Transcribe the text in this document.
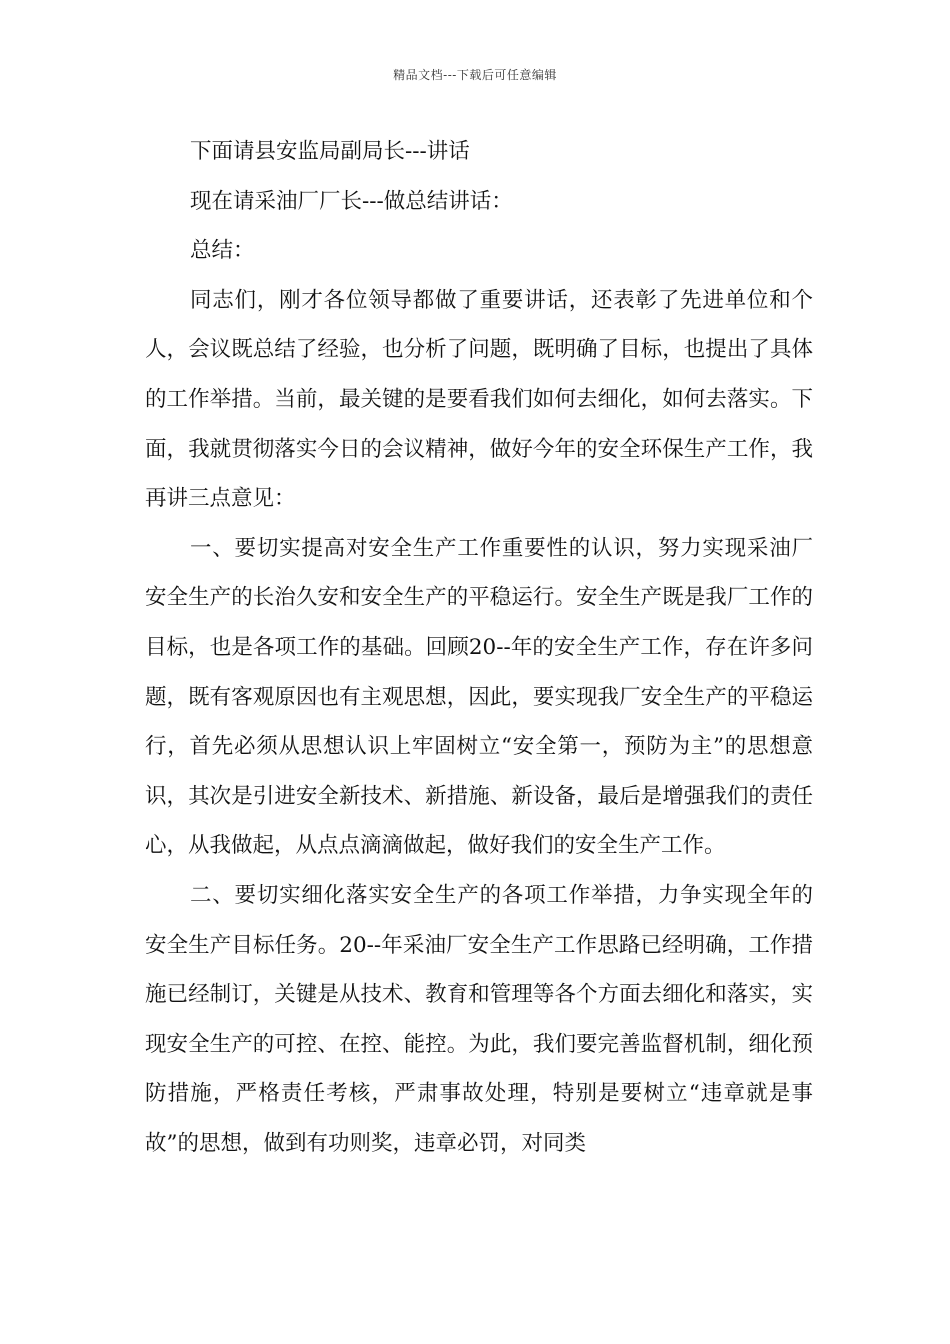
精品文档---下载后可任意编辑

下面请县安监局副局长---讲话

现在请采油厂厂长---做总结讲话：

总结：

同志们，刚才各位领导都做了重要讲话，还表彰了先进单位和个人，会议既总结了经验，也分析了问题，既明确了目标，也提出了具体的工作举措。当前，最关键的是要看我们如何去细化，如何去落实。下面，我就贯彻落实今日的会议精神，做好今年的安全环保生产工作，我再讲三点意见：

一、要切实提高对安全生产工作重要性的认识，努力实现采油厂安全生产的长治久安和安全生产的平稳运行。安全生产既是我厂工作的目标，也是各项工作的基础。回顾20--年的安全生产工作，存在许多问题，既有客观原因也有主观思想，因此，要实现我厂安全生产的平稳运行，首先必须从思想认识上牢固树立“安全第一，预防为主”的思想意识，其次是引进安全新技术、新措施、新设备，最后是增强我们的责任心，从我做起，从点点滴滴做起，做好我们的安全生产工作。

二、要切实细化落实安全生产的各项工作举措，力争实现全年的安全生产目标任务。20--年采油厂安全生产工作思路已经明确，工作措施已经制订，关键是从技术、教育和管理等各个方面去细化和落实，实现安全生产的可控、在控、能控。为此，我们要完善监督机制，细化预防措施，严格责任考核，严肃事故处理，特别是要树立“违章就是事故”的思想，做到有功则奖，违章必罚，对同类
